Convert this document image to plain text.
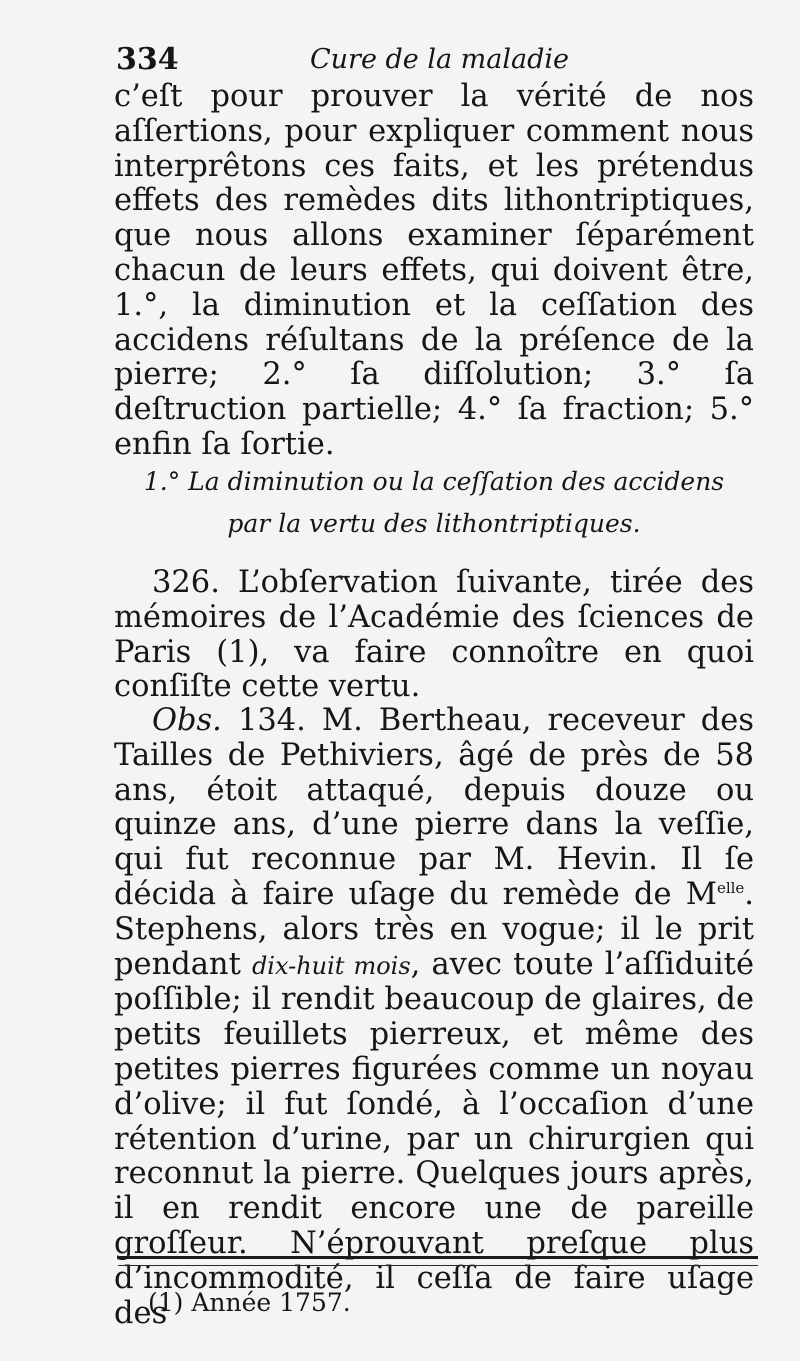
334	Cure de la maladie

c’eſt pour prouver la vérité de nos aſſertions, pour expliquer comment nous interprêtons ces faits, et les prétendus effets des remèdes dits lithontriptiques, que nous allons examiner ſéparément chacun de leurs effets, qui doivent être, 1.°, la diminution et la ceſſation des accidens réſultans de la préſence de la pierre; 2.° ſa diſſolution; 3.° ſa deſtruction partielle; 4.° ſa fraction; 5.° enfin ſa ſortie.

1.° La diminution ou la ceſſation des accidens
par la vertu des lithontriptiques.

326. L’obſervation ſuivante, tirée des mémoires de l’Académie des ſciences de Paris (1), va faire connoître en quoi conſiſte cette vertu.

Obs. 134. M. Bertheau, receveur des Tailles de Pethiviers, âgé de près de 58 ans, étoit attaqué, depuis douze ou quinze ans, d’une pierre dans la veſſie, qui fut reconnue par M. Hevin. Il ſe décida à faire uſage du remède de $M^{elle}$. Stephens, alors très en vogue; il le prit pendant dix-huit mois, avec toute l’aſſiduité poſſible; il rendit beaucoup de glaires, de petits feuillets pierreux, et même des petites pierres figurées comme un noyau d’olive; il fut ſondé, à l’occaſion d’une rétention d’urine, par un chirurgien qui reconnut la pierre. Quelques jours après, il en rendit encore une de pareille groſſeur. N’éprouvant preſque plus d’incommodité, il ceſſa de faire uſage des

(1) Année 1757.
